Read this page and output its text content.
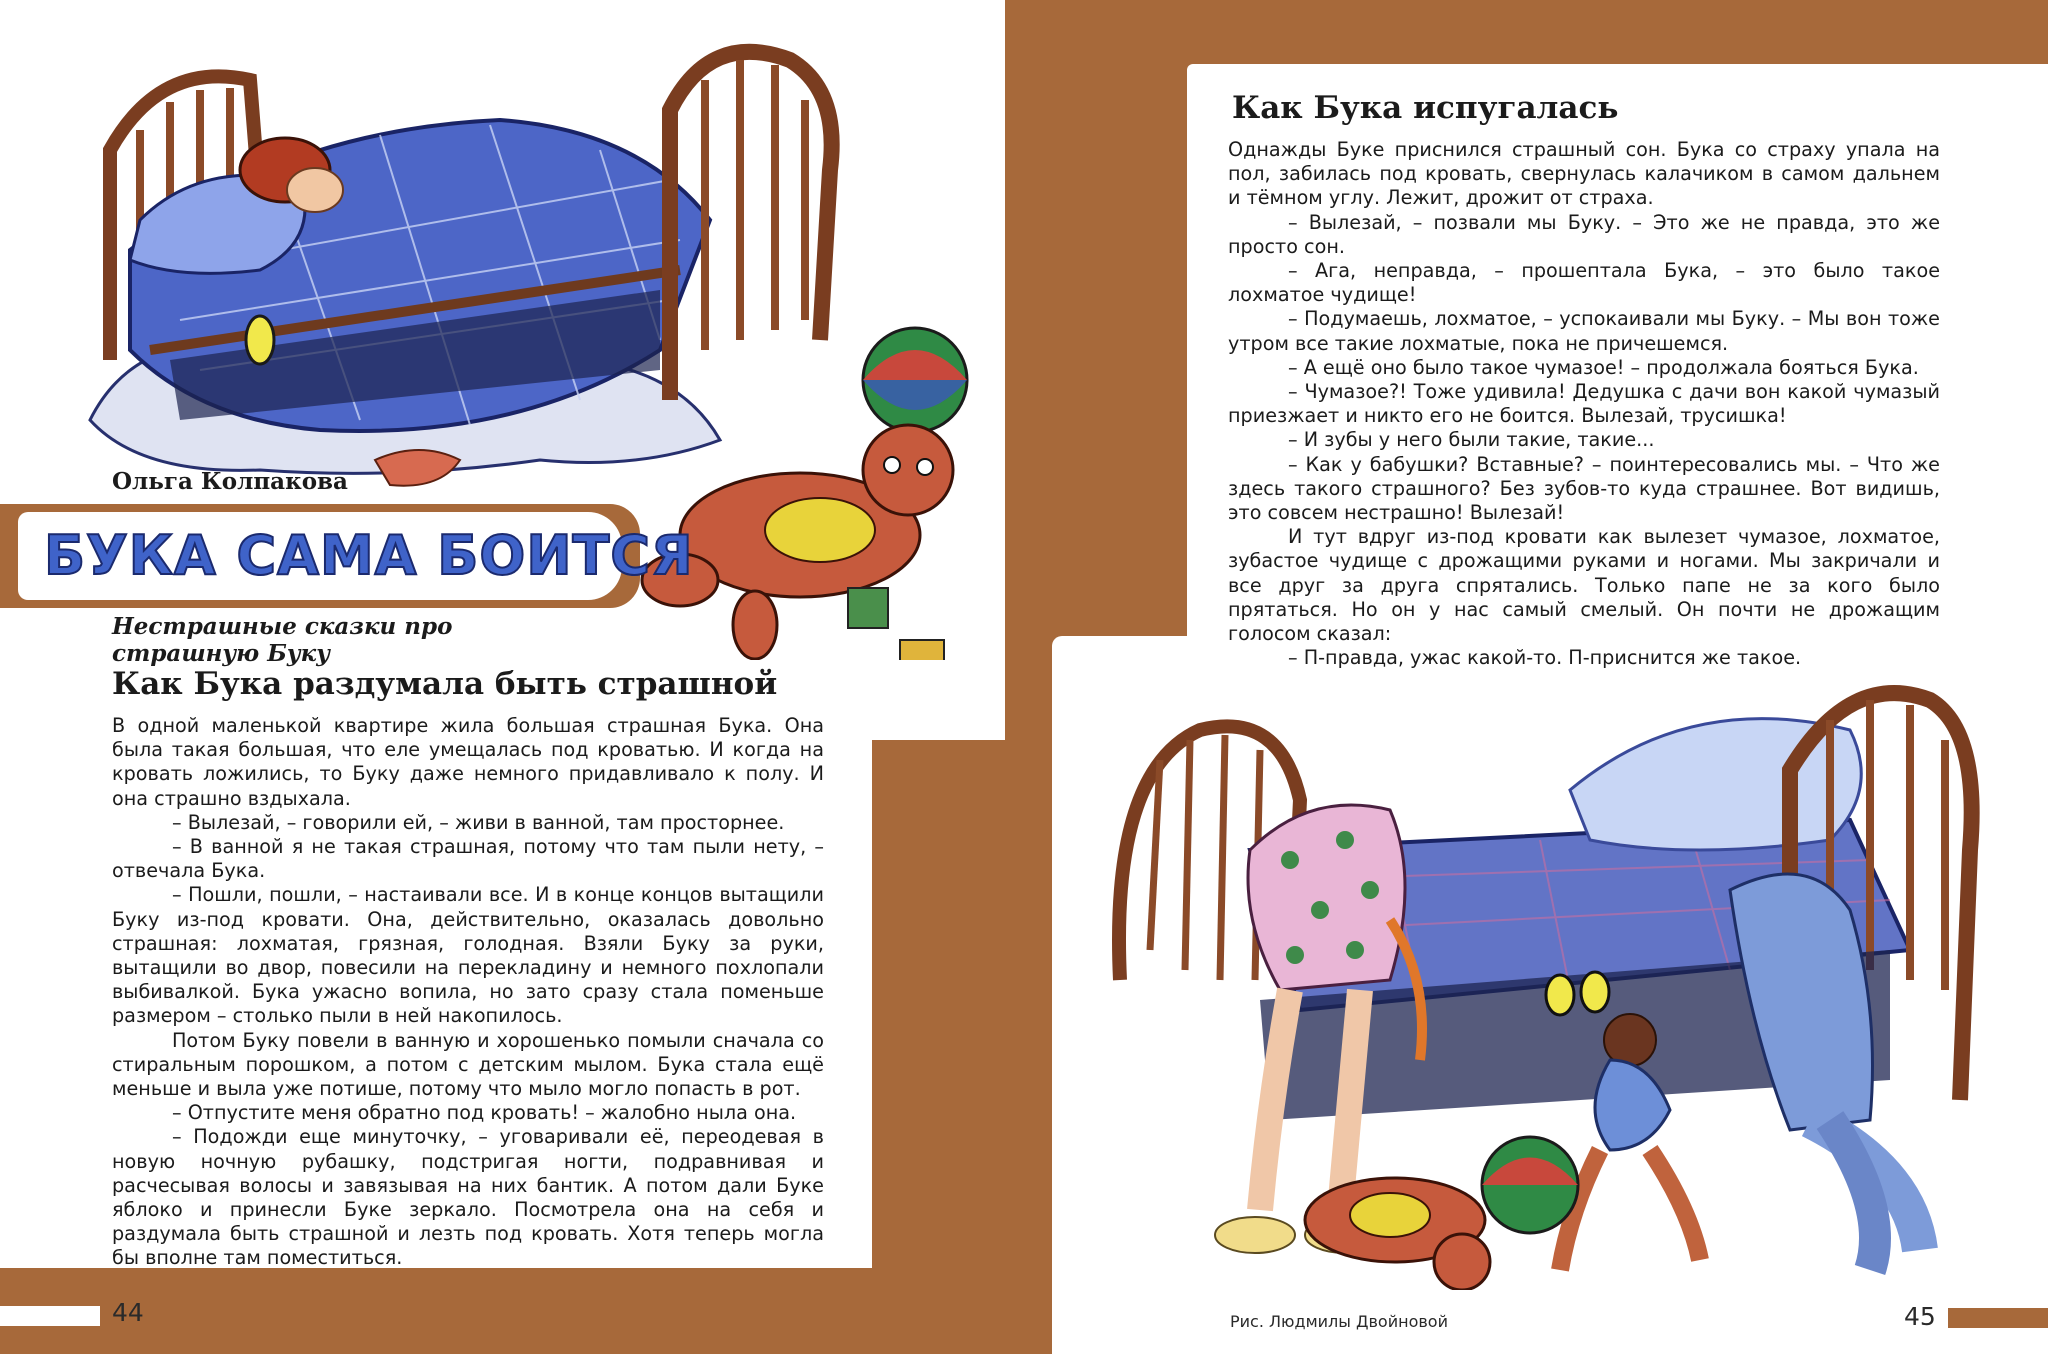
Ольга Колпакова
БУКА САМА БОИТСЯ
Нестрашные сказки про
страшную Буку
Как Бука раздумала быть страшной

В одной маленькой квартире жила большая страшная Бука. Она была такая большая, что еле умещалась под кроватью. И когда на кровать ложились, то Буку даже немного придавливало к полу. И она страшно вздыхала.

– Вылезай, – говорили ей, – живи в ванной, там просторнее.

– В ванной я не такая страшная, потому что там пыли нету, – отвечала Бука.

– Пошли, пошли, – настаивали все. И в конце концов вытащили Буку из-под кровати. Она, действительно, оказалась довольно страшная: лохматая, грязная, голодная. Взяли Буку за руки, вытащили во двор, повесили на перекладину и немного похлопали выбивалкой. Бука ужасно вопила, но зато сразу стала поменьше размером – столько пыли в ней накопилось.

Потом Буку повели в ванную и хорошенько помыли сначала со стиральным порошком, а потом с детским мылом. Бука стала ещё меньше и выла уже потише, потому что мыло могло попасть в рот.

– Отпустите меня обратно под кровать! – жалобно ныла она.

– Подожди еще минуточку, – уговаривали её, переодевая в новую ночную рубашку, подстригая ногти, подравнивая и расчесывая волосы и завязывая на них бантик. А потом дали Буке яблоко и принесли Буке зеркало. Посмотрела она на себя и раздумала быть страшной и лезть под кровать. Хотя теперь могла бы вполне там поместиться.

44
Как Бука испугалась

Однажды Буке приснился страшный сон. Бука со страху упала на пол, забилась под кровать, свернулась калачиком в самом дальнем и тёмном углу. Лежит, дрожит от страха.

– Вылезай, – позвали мы Буку. – Это же не правда, это же просто сон.

– Ага, неправда, – прошептала Бука, – это было такое лохматое чудище!

– Подумаешь, лохматое, – успокаивали мы Буку. – Мы вон тоже утром все такие лохматые, пока не причешемся.

– А ещё оно было такое чумазое! – продолжала бояться Бука.

– Чумазое?! Тоже удивила! Дедушка с дачи вон какой чумазый приезжает и никто его не боится. Вылезай, трусишка!

– И зубы у него были такие, такие...

– Как у бабушки? Вставные? – поинтересовались мы. – Что же здесь такого страшного? Без зубов-то куда страшнее. Вот видишь, это совсем нестрашно! Вылезай!

И тут вдруг из-под кровати как вылезет чумазое, лохматое, зубастое чудище с дрожащими руками и ногами. Мы закричали и все друг за друга спрятались. Только папе не за кого было прятаться. Но он у нас самый смелый. Он почти не дрожащим голосом сказал:

– П-правда, ужас какой-то. П-приснится же такое.

Рис. Людмилы Двойновой	45
